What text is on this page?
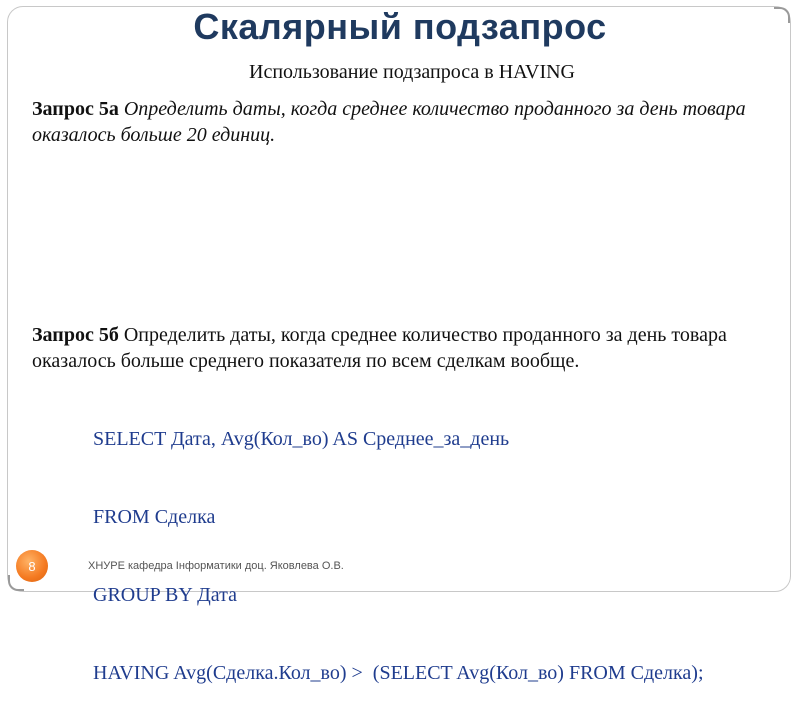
Скалярный подзапрос
Использование подзапроса в HAVING
Запрос 5а Определить даты, когда среднее количество проданного за день товара оказалось больше 20 единиц.
Запрос 5б Определить даты, когда среднее количество проданного за день товара оказалось больше среднего показателя по всем сделкам вообще.

SELECT Дата, Avg(Кол_во) AS Среднее_за_день

FROM Сделка

GROUP BY Дата

HAVING Avg(Сделка.Кол_во) >  (SELECT Avg(Кол_во) FROM Сделка);

8	ХНУРЕ кафедра Інформатики доц. Яковлева О.В.
